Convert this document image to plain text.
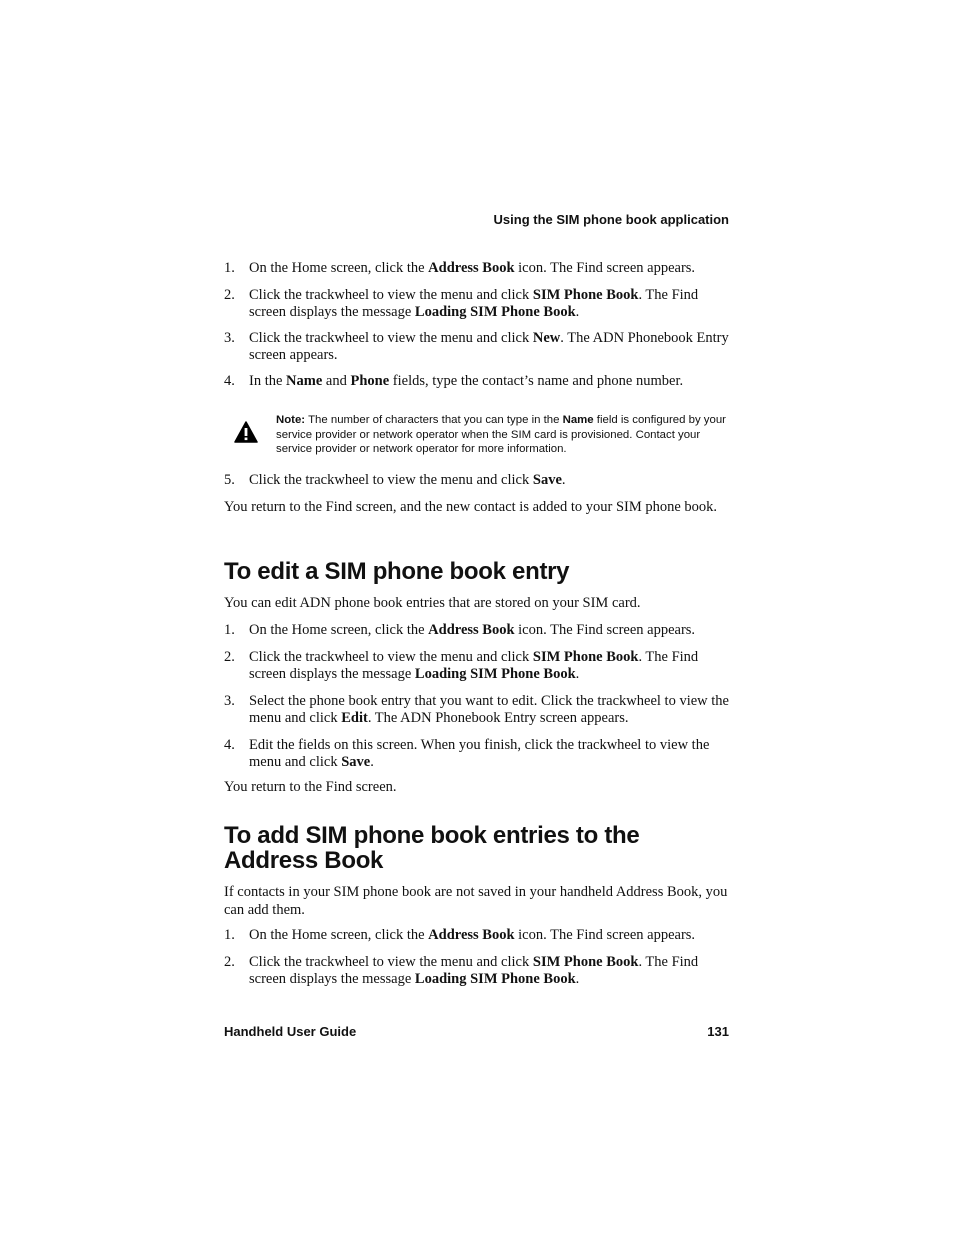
Using the SIM phone book application
1. On the Home screen, click the Address Book icon. The Find screen appears.
2. Click the trackwheel to view the menu and click SIM Phone Book. The Find screen displays the message Loading SIM Phone Book.
3. Click the trackwheel to view the menu and click New. The ADN Phonebook Entry screen appears.
4. In the Name and Phone fields, type the contact’s name and phone number.
Note: The number of characters that you can type in the Name field is configured by your service provider or network operator when the SIM card is provisioned. Contact your service provider or network operator for more information.
5. Click the trackwheel to view the menu and click Save.

You return to the Find screen, and the new contact is added to your SIM phone book.

To edit a SIM phone book entry

You can edit ADN phone book entries that are stored on your SIM card.

1. On the Home screen, click the Address Book icon. The Find screen appears.
2. Click the trackwheel to view the menu and click SIM Phone Book. The Find screen displays the message Loading SIM Phone Book.
3. Select the phone book entry that you want to edit. Click the trackwheel to view the menu and click Edit. The ADN Phonebook Entry screen appears.
4. Edit the fields on this screen. When you finish, click the trackwheel to view the menu and click Save.

You return to the Find screen.

To add SIM phone book entries to the Address Book

If contacts in your SIM phone book are not saved in your handheld Address Book, you can add them.

1. On the Home screen, click the Address Book icon. The Find screen appears.
2. Click the trackwheel to view the menu and click SIM Phone Book. The Find screen displays the message Loading SIM Phone Book.
Handheld User Guide	131
